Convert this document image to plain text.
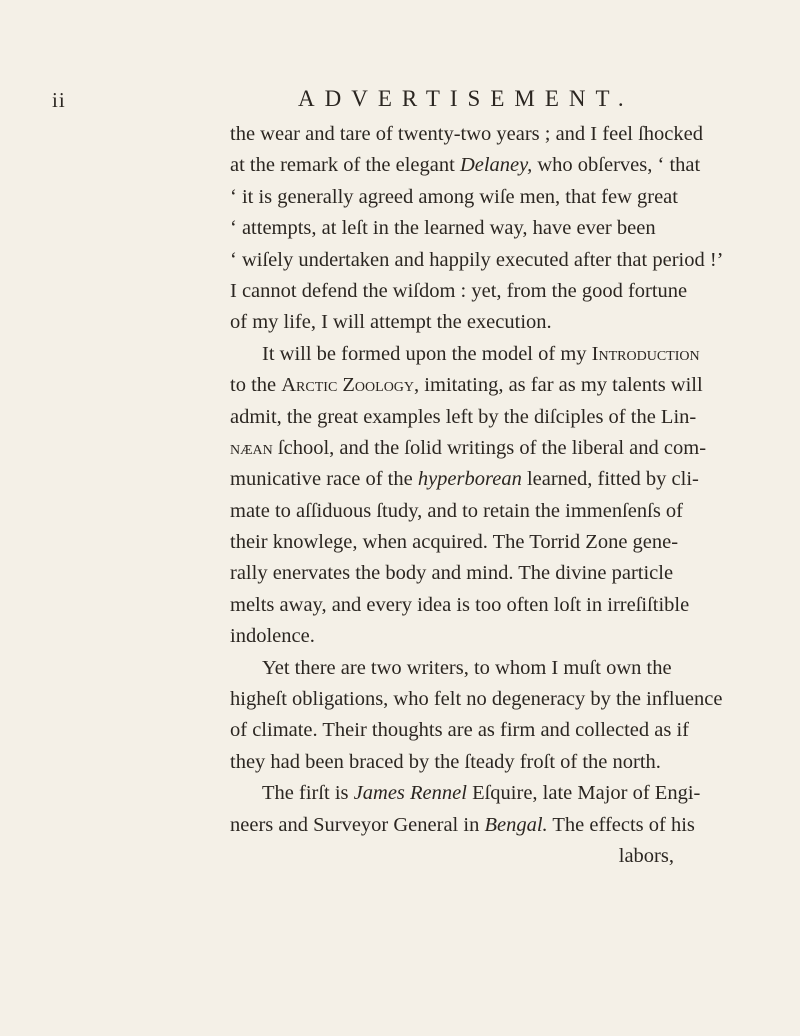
ii	ADVERTISEMENT.
the wear and tare of twenty-two years ; and I feel ſhocked
at the remark of the elegant Delaney, who obſerves, ‘ that
‘ it is generally agreed among wiſe men, that few great
‘ attempts, at leſt in the learned way, have ever been
‘ wiſely undertaken and happily executed after that period !’
I cannot defend the wiſdom : yet, from the good fortune
of my life, I will attempt the execution.
It will be formed upon the model of my Introduction
to the Arctic Zoology, imitating, as far as my talents will
admit, the great examples left by the diſciples of the Lin-
næan ſchool, and the ſolid writings of the liberal and com-
municative race of the hyperborean learned, fitted by cli-
mate to aſſiduous ſtudy, and to retain the immenſenſs of
their knowlege, when acquired. The Torrid Zone gene-
rally enervates the body and mind. The divine particle
melts away, and every idea is too often loſt in irreſiſtible
indolence.
Yet there are two writers, to whom I muſt own the
higheſt obligations, who felt no degeneracy by the influence
of climate. Their thoughts are as firm and collected as if
they had been braced by the ſteady froſt of the north.
The firſt is James Rennel Eſquire, late Major of Engi-
neers and Surveyor General in Bengal. The effects of his
labors,
